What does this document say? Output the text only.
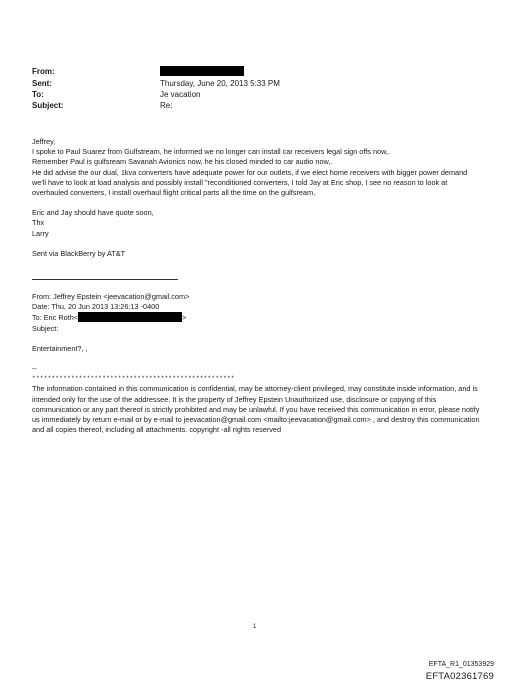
From:
Sent:	Thursday, June 20, 2013 5:33 PM
To:	Je vacation
Subject:	Re:

Jeffrey,

I spoke to Paul Suarez from Gulfstream, he informed we no longer can install car receivers legal sign offs now,.

Remember Paul is gulfsream Savanah Avionics now, he his closed minded to car audio now,.

He did advise the our dual, 1kva converters have adequate power for our outlets, if we elect home receivers with bigger power demand we'll have to look at load analysis and possibly install "reconditioned converters, I told Jay at Eric shop, I see no reason to look at overhauled converters, I install overhaul flight critical parts all the time on the gulfsream,

Eric and Jay should have quote soon,

Thx

Larry

Sent via BlackBerry by AT&T

From: Jeffrey Epstein <jeevacation@gmail.com>

Date: Thu, 20 Jun 2013 13:26:13 -0400

To: Eric Roth<	>

Subject:

Entertainment?, ,

--

****************************************************

The information contained in this communication is confidential, may be attorney-client privileged, may constitute inside information, and is intended only for the use of the addressee. It is the property of Jeffrey Epstein Unauthorized use, disclosure or copying of this communication or any part thereof is strictly prohibited and may be unlawful. If you have received this communication in error, please notify us immediately by return e-mail or by e-mail to jeevacation@gmail.com <mailto:jeevacation@gmail.com> , and destroy this communication and all copies thereof, including all attachments. copyright -all rights reserved

1
EFTA_R1_01353929
EFTA02361769
